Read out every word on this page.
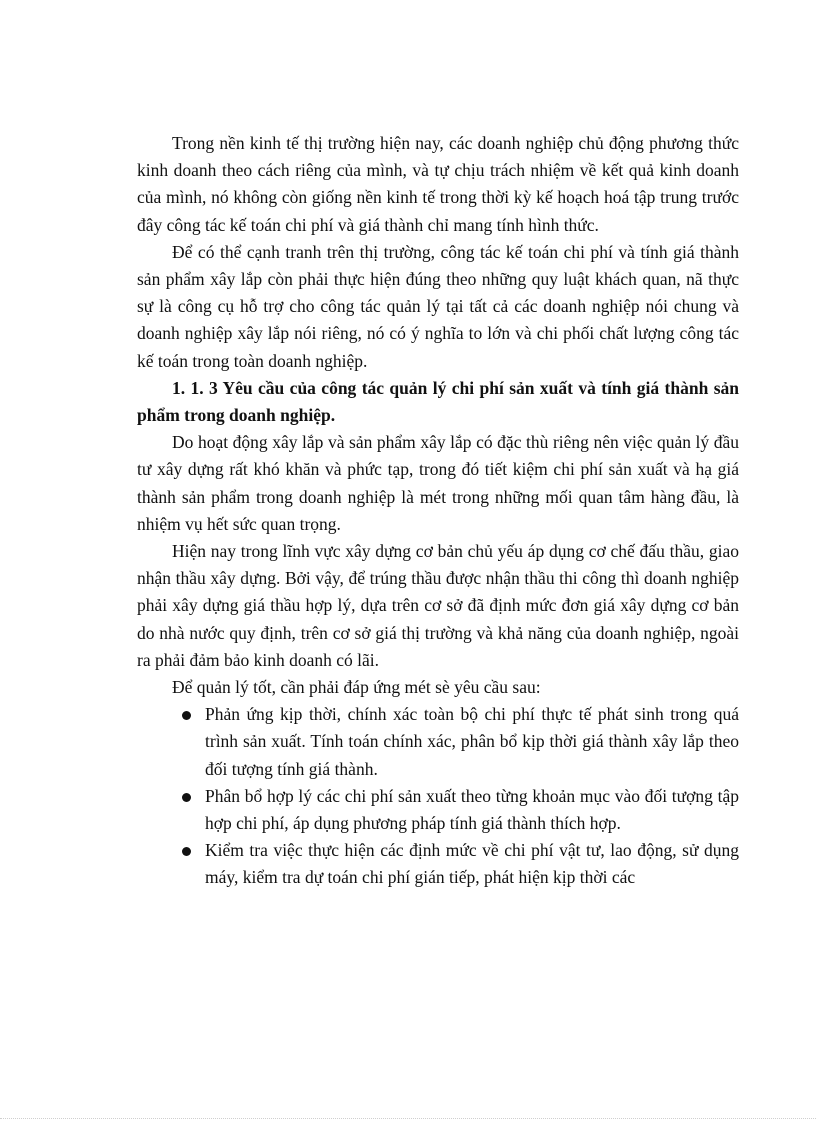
Trong nền kinh tế thị trường hiện nay, các doanh nghiệp chủ động phương thức kinh doanh theo cách riêng của mình, và tự chịu trách nhiệm về kết quả kinh doanh của mình, nó không còn giống nền kinh tế trong thời kỳ kế hoạch hoá tập trung trước đây công tác kế toán chi phí và giá thành chỉ mang tính hình thức.

Để có thể cạnh tranh trên thị trường, công tác kế toán chi phí và tính giá thành sản phẩm xây lắp còn phải thực hiện đúng theo những quy luật khách quan, nã thực sự là công cụ hỗ trợ cho công tác quản lý tại tất cả các doanh nghiệp nói chung và doanh nghiệp xây lắp nói riêng, nó có ý nghĩa to lớn và chi phối chất lượng công tác kế toán trong toàn doanh nghiệp.

1. 1. 3 Yêu cầu của công tác quản lý chi phí sản xuất và tính giá thành sản phẩm trong doanh nghiệp.

Do hoạt động xây lắp và sản phẩm xây lắp có đặc thù riêng nên việc quản lý đầu tư xây dựng rất khó khăn và phức tạp, trong đó tiết kiệm chi phí sản xuất và hạ giá thành sản phẩm trong doanh nghiệp là mét trong những mối quan tâm hàng đầu, là nhiệm vụ hết sức quan trọng.

Hiện nay trong lĩnh vực xây dựng cơ bản chủ yếu áp dụng cơ chế đấu thầu, giao nhận thầu xây dựng. Bởi vậy, để trúng thầu được nhận thầu thi công thì doanh nghiệp phải xây dựng giá thầu hợp lý, dựa trên cơ sở đã định mức đơn giá xây dựng cơ bản do nhà nước quy định, trên cơ sở giá thị trường và khả năng của doanh nghiệp, ngoài ra phải đảm bảo kinh doanh có lãi.

Để quản lý tốt, cần phải đáp ứng mét sè yêu cầu sau:

Phản ứng kịp thời, chính xác toàn bộ chi phí thực tế phát sinh trong quá trình sản xuất. Tính toán chính xác, phân bổ kịp thời giá thành xây lắp theo đối tượng tính giá thành.
Phân bổ hợp lý các chi phí sản xuất theo từng khoản mục vào đối tượng tập hợp chi phí, áp dụng phương pháp tính giá thành thích hợp.
Kiểm tra việc thực hiện các định mức về chi phí vật tư, lao động, sử dụng máy, kiểm tra dự toán chi phí gián tiếp, phát hiện kịp thời các
